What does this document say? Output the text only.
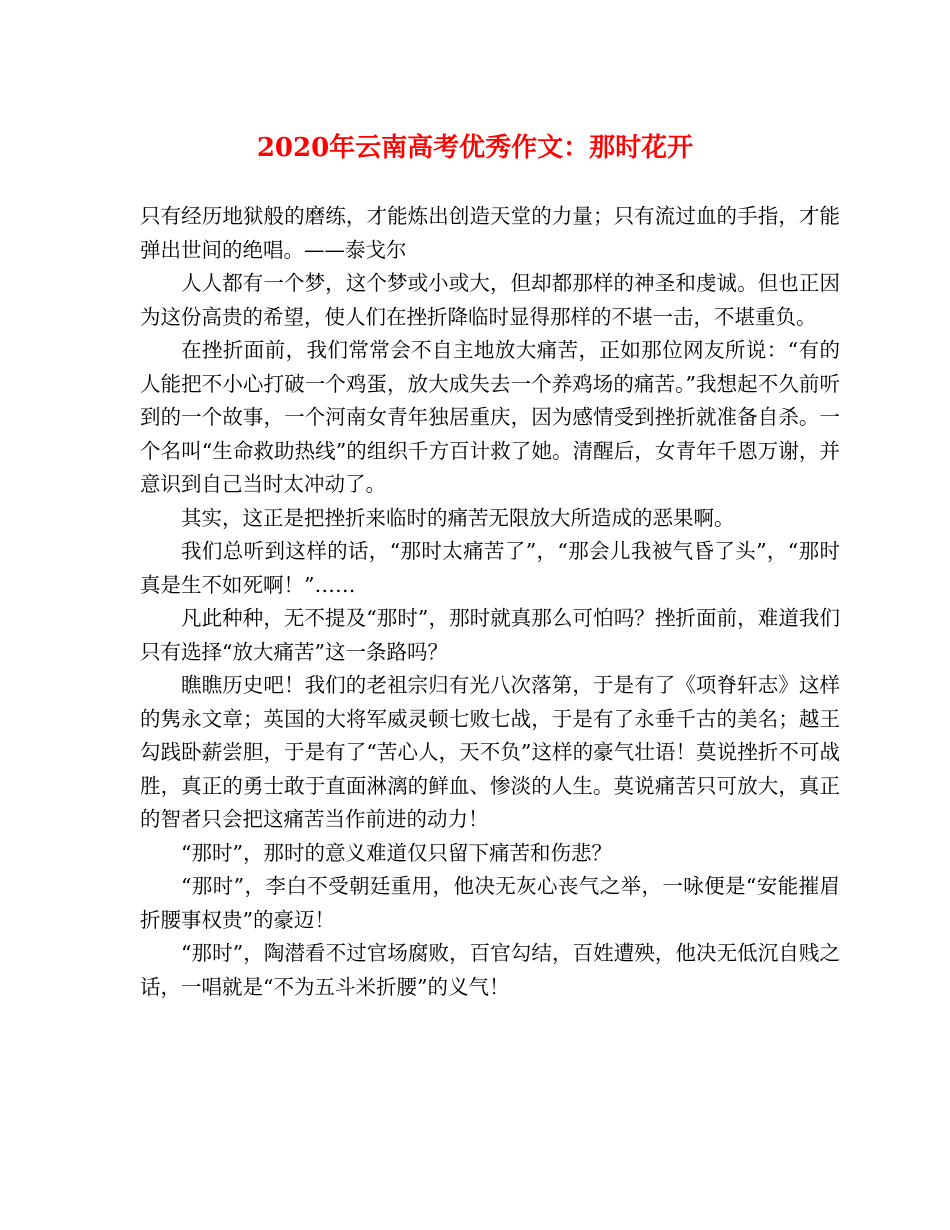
2020年云南高考优秀作文：那时花开

只有经历地狱般的磨练，才能炼出创造天堂的力量；只有流过血的手指，才能弹出世间的绝唱。——泰戈尔

人人都有一个梦，这个梦或小或大，但却都那样的神圣和虔诚。但也正因为这份高贵的希望，使人们在挫折降临时显得那样的不堪一击，不堪重负。

在挫折面前，我们常常会不自主地放大痛苦，正如那位网友所说：“有的人能把不小心打破一个鸡蛋，放大成失去一个养鸡场的痛苦。”我想起不久前听到的一个故事，一个河南女青年独居重庆，因为感情受到挫折就准备自杀。一个名叫“生命救助热线”的组织千方百计救了她。清醒后，女青年千恩万谢，并意识到自己当时太冲动了。

其实，这正是把挫折来临时的痛苦无限放大所造成的恶果啊。

我们总听到这样的话，“那时太痛苦了”，“那会儿我被气昏了头”，“那时真是生不如死啊！”……

凡此种种，无不提及“那时”，那时就真那么可怕吗？挫折面前，难道我们只有选择“放大痛苦”这一条路吗？

瞧瞧历史吧！我们的老祖宗归有光八次落第，于是有了《项脊轩志》这样的隽永文章；英国的大将军威灵顿七败七战，于是有了永垂千古的美名；越王勾践卧薪尝胆，于是有了“苦心人，天不负”这样的豪气壮语！莫说挫折不可战胜，真正的勇士敢于直面淋漓的鲜血、惨淡的人生。莫说痛苦只可放大，真正的智者只会把这痛苦当作前进的动力！

“那时”，那时的意义难道仅只留下痛苦和伤悲？

“那时”，李白不受朝廷重用，他决无灰心丧气之举，一咏便是“安能摧眉折腰事权贵”的豪迈！

“那时”，陶潜看不过官场腐败，百官勾结，百姓遭殃，他决无低沉自贱之话，一唱就是“不为五斗米折腰”的义气！
